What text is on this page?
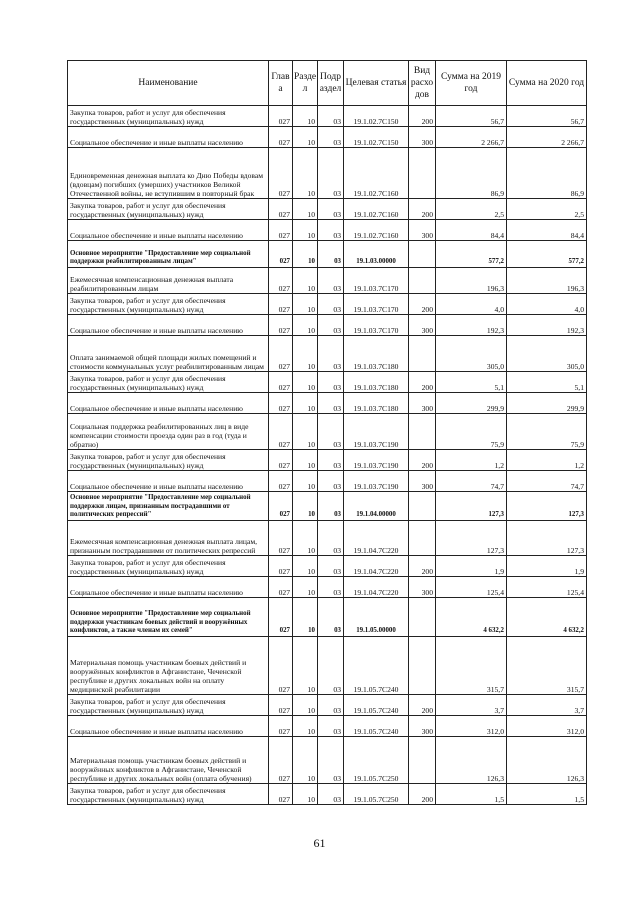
Наименование	Глав а	Разде л	Подр аздел	Целевая статья	Вид расхо дов	Сумма на 2019 год	Сумма на 2020 год
Закупка товаров, работ и услуг для обеспечения государственных (муниципальных) нужд	027	10	03	19.1.02.7С150	200	56,7	56,7
Социальное обеспечение и иные выплаты населению	027	10	03	19.1.02.7С150	300	2 266,7	2 266,7
Единовременная денежная выплата ко Дню Победы вдовам (вдовцам) погибших (умерших) участников Великой Отечественной войны, не вступившим в повторный брак	027	10	03	19.1.02.7С160		86,9	86,9
Закупка товаров, работ и услуг для обеспечения государственных (муниципальных) нужд	027	10	03	19.1.02.7С160	200	2,5	2,5
Социальное обеспечение и иные выплаты населению	027	10	03	19.1.02.7С160	300	84,4	84,4
Основное мероприятие "Предоставление мер социальной поддержки реабилитированным лицам"	027	10	03	19.1.03.00000		577,2	577,2
Ежемесячная компенсационная денежная выплата реабилитированным лицам	027	10	03	19.1.03.7С170		196,3	196,3
Закупка товаров, работ и услуг для обеспечения государственных (муниципальных) нужд	027	10	03	19.1.03.7С170	200	4,0	4,0
Социальное обеспечение и иные выплаты населению	027	10	03	19.1.03.7С170	300	192,3	192,3
Оплата занимаемой общей площади жилых помещений и стоимости коммунальных услуг реабилитированным лицам	027	10	03	19.1.03.7С180		305,0	305,0
Закупка товаров, работ и услуг для обеспечения государственных (муниципальных) нужд	027	10	03	19.1.03.7С180	200	5,1	5,1
Социальное обеспечение и иные выплаты населению	027	10	03	19.1.03.7С180	300	299,9	299,9
Социальная поддержка реабилитированных лиц в виде компенсации стоимости проезда один раз в год (туда и обратно)	027	10	03	19.1.03.7С190		75,9	75,9
Закупка товаров, работ и услуг для обеспечения государственных (муниципальных) нужд	027	10	03	19.1.03.7С190	200	1,2	1,2
Социальное обеспечение и иные выплаты населению	027	10	03	19.1.03.7С190	300	74,7	74,7
Основное мероприятие "Предоставление мер социальной поддержки лицам, признанным пострадавшими от политических репрессий"	027	10	03	19.1.04.00000		127,3	127,3
Ежемесячная компенсационная денежная выплата лицам, признанным пострадавшими от политических репрессий	027	10	03	19.1.04.7С220		127,3	127,3
Закупка товаров, работ и услуг для обеспечения государственных (муниципальных) нужд	027	10	03	19.1.04.7С220	200	1,9	1,9
Социальное обеспечение и иные выплаты населению	027	10	03	19.1.04.7С220	300	125,4	125,4
Основное мероприятие "Предоставление мер социальной поддержки участникам боевых действий и вооружённых конфликтов, а также членам их семей"	027	10	03	19.1.05.00000		4 632,2	4 632,2
Материальная помощь участникам боевых действий и вооружённых конфликтов в Афганистане, Чеченской республике и других локальных войн на оплату медицинской реабилитации	027	10	03	19.1.05.7С240		315,7	315,7
Закупка товаров, работ и услуг для обеспечения государственных (муниципальных) нужд	027	10	03	19.1.05.7С240	200	3,7	3,7
Социальное обеспечение и иные выплаты населению	027	10	03	19.1.05.7С240	300	312,0	312,0
Материальная помощь участникам боевых действий и вооружённых конфликтов в Афганистане, Чеченской республике и других локальных войн (оплата обучения)	027	10	03	19.1.05.7С250		126,3	126,3
Закупка товаров, работ и услуг для обеспечения государственных (муниципальных) нужд	027	10	03	19.1.05.7С250	200	1,5	1,5
61
